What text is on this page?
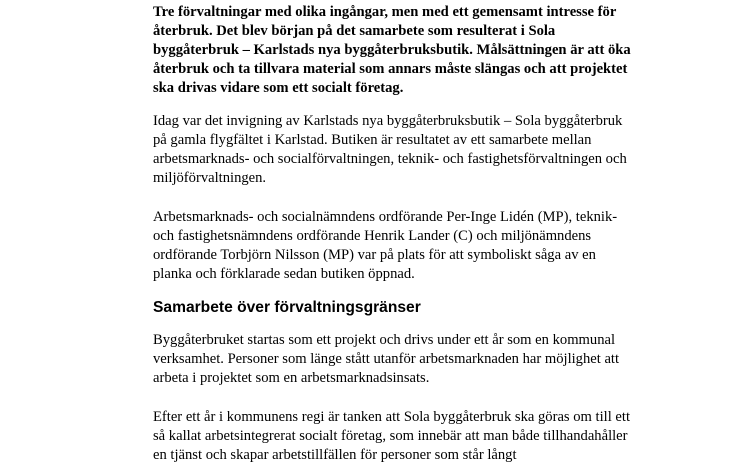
Tre förvaltningar med olika ingångar, men med ett gemensamt intresse för återbruk. Det blev början på det samarbete som resulterat i Sola byggåterbruk – Karlstads nya byggåterbruksbutik. Målsättningen är att öka återbruk och ta tillvara material som annars måste slängas och att projektet ska drivas vidare som ett socialt företag.

Idag var det invigning av Karlstads nya byggåterbruksbutik – Sola byggåterbruk på gamla flygfältet i Karlstad. Butiken är resultatet av ett samarbete mellan arbetsmarknads- och socialförvaltningen, teknik- och fastighetsförvaltningen och miljöförvaltningen.

Arbetsmarknads- och socialnämndens ordförande Per-Inge Lidén (MP), teknik- och fastighetsnämndens ordförande Henrik Lander (C) och miljönämndens ordförande Torbjörn Nilsson (MP) var på plats för att symboliskt såga av en planka och förklarade sedan butiken öppnad.

Samarbete över förvaltningsgränser

Byggåterbruket startas som ett projekt och drivs under ett år som en kommunal verksamhet. Personer som länge stått utanför arbetsmarknaden har möjlighet att arbeta i projektet som en arbetsmarknadsinsats.

Efter ett år i kommunens regi är tanken att Sola byggåterbruk ska göras om till ett så kallat arbetsintegrerat socialt företag, som innebär att man både tillhandahåller en tjänst och skapar arbetstillfällen för personer som står långt
